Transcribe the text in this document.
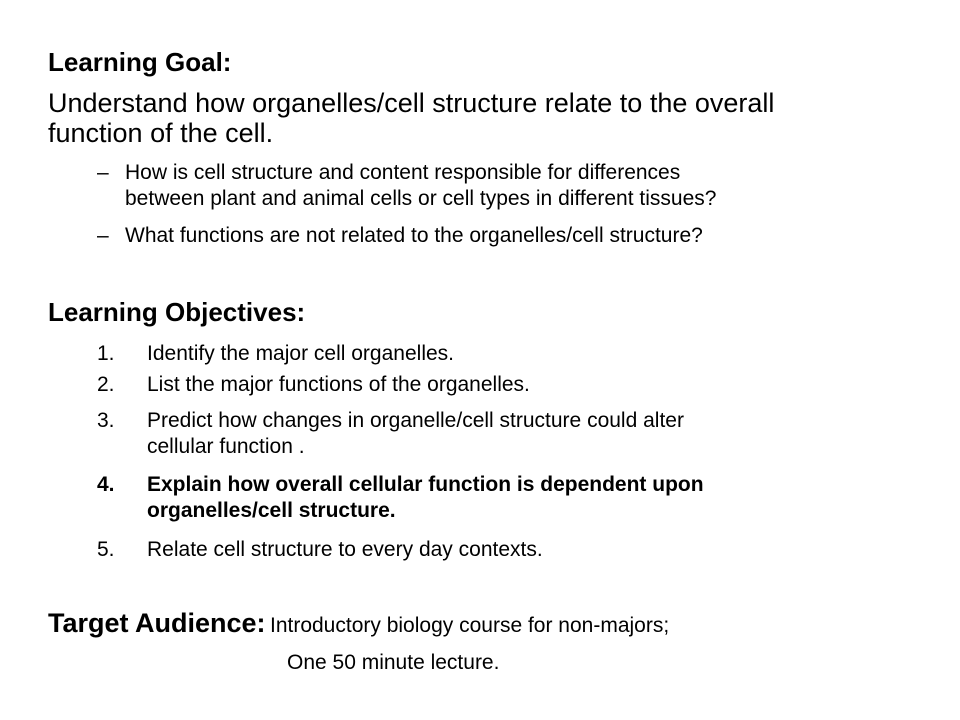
Learning Goal:
Understand how organelles/cell structure relate to the overall
function of the cell.
– How is cell structure and content responsible for differences
between plant and animal cells or cell types in different tissues?
– What functions are not related to the organelles/cell structure?
Learning Objectives:
1. Identify the major cell organelles.
2. List the major functions of the organelles.
3. Predict how changes in organelle/cell structure could alter
cellular function .
4. Explain how overall cellular function is dependent upon
organelles/cell structure.
5. Relate cell structure to every day contexts.
Target Audience: Introductory biology course for non-majors;
One 50 minute lecture.
